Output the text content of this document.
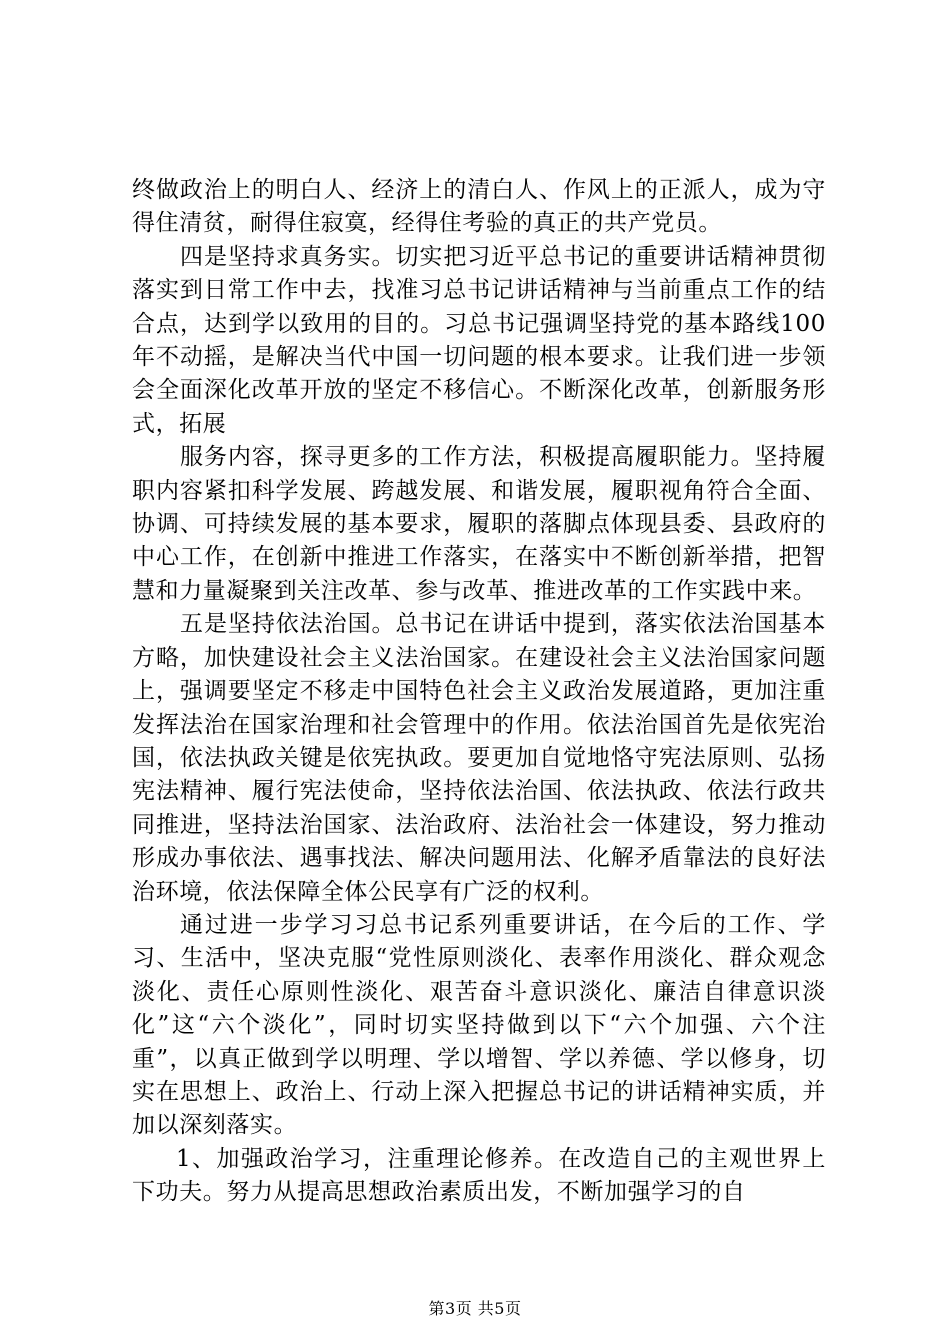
终做政治上的明白人、经济上的清白人、作风上的正派人，成为守得住清贫，耐得住寂寞，经得住考验的真正的共产党员。

四是坚持求真务实。切实把习近平总书记的重要讲话精神贯彻落实到日常工作中去，找准习总书记讲话精神与当前重点工作的结合点，达到学以致用的目的。习总书记强调坚持党的基本路线100年不动摇，是解决当代中国一切问题的根本要求。让我们进一步领会全面深化改革开放的坚定不移信心。不断深化改革，创新服务形式，拓展

服务内容，探寻更多的工作方法，积极提高履职能力。坚持履职内容紧扣科学发展、跨越发展、和谐发展，履职视角符合全面、协调、可持续发展的基本要求，履职的落脚点体现县委、县政府的中心工作，在创新中推进工作落实，在落实中不断创新举措，把智慧和力量凝聚到关注改革、参与改革、推进改革的工作实践中来。

五是坚持依法治国。总书记在讲话中提到，落实依法治国基本方略，加快建设社会主义法治国家。在建设社会主义法治国家问题上，强调要坚定不移走中国特色社会主义政治发展道路，更加注重发挥法治在国家治理和社会管理中的作用。依法治国首先是依宪治国，依法执政关键是依宪执政。要更加自觉地恪守宪法原则、弘扬宪法精神、履行宪法使命，坚持依法治国、依法执政、依法行政共同推进，坚持法治国家、法治政府、法治社会一体建设，努力推动形成办事依法、遇事找法、解决问题用法、化解矛盾靠法的良好法治环境，依法保障全体公民享有广泛的权利。

通过进一步学习习总书记系列重要讲话，在今后的工作、学习、生活中，坚决克服“党性原则淡化、表率作用淡化、群众观念淡化、责任心原则性淡化、艰苦奋斗意识淡化、廉洁自律意识淡化”这“六个淡化”，同时切实坚持做到以下“六个加强、六个注重”，以真正做到学以明理、学以增智、学以养德、学以修身，切实在思想上、政治上、行动上深入把握总书记的讲话精神实质，并加以深刻落实。

1、加强政治学习，注重理论修养。在改造自己的主观世界上下功夫。努力从提高思想政治素质出发，不断加强学习的自

第3页 共5页
